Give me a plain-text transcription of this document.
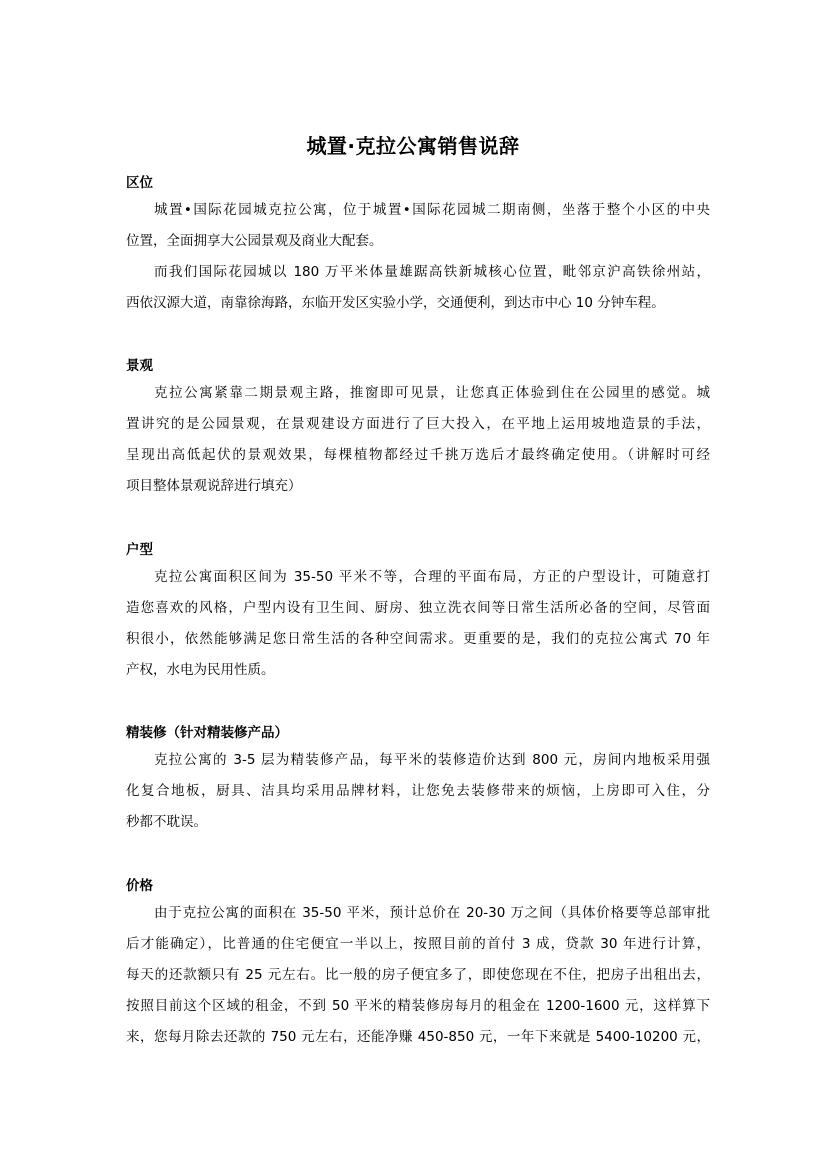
城置·克拉公寓销售说辞
区位
城置•国际花园城克拉公寓，位于城置•国际花园城二期南侧，坐落于整个小区的中央
位置，全面拥享大公园景观及商业大配套。
而我们国际花园城以 180 万平米体量雄踞高铁新城核心位置，毗邻京沪高铁徐州站，
西依汉源大道，南靠徐海路，东临开发区实验小学，交通便利，到达市中心 10 分钟车程。
景观
克拉公寓紧靠二期景观主路，推窗即可见景，让您真正体验到住在公园里的感觉。城
置讲究的是公园景观，在景观建设方面进行了巨大投入，在平地上运用坡地造景的手法，
呈现出高低起伏的景观效果，每棵植物都经过千挑万选后才最终确定使用。（讲解时可经
项目整体景观说辞进行填充）
户型
克拉公寓面积区间为 35-50 平米不等，合理的平面布局，方正的户型设计，可随意打
造您喜欢的风格，户型内设有卫生间、厨房、独立洗衣间等日常生活所必备的空间，尽管面
积很小，依然能够满足您日常生活的各种空间需求。更重要的是，我们的克拉公寓式 70 年
产权，水电为民用性质。
精装修（针对精装修产品）
克拉公寓的 3-5 层为精装修产品，每平米的装修造价达到 800 元，房间内地板采用强
化复合地板，厨具、洁具均采用品牌材料，让您免去装修带来的烦恼，上房即可入住，分
秒都不耽误。
价格
由于克拉公寓的面积在 35-50 平米，预计总价在 20-30 万之间（具体价格要等总部审批
后才能确定），比普通的住宅便宜一半以上，按照目前的首付 3 成，贷款 30 年进行计算，
每天的还款额只有 25 元左右。比一般的房子便宜多了，即使您现在不住，把房子出租出去，
按照目前这个区域的租金，不到 50 平米的精装修房每月的租金在 1200-1600 元，这样算下
来，您每月除去还款的 750 元左右，还能净赚 450-850 元，一年下来就是 5400-10200 元，
